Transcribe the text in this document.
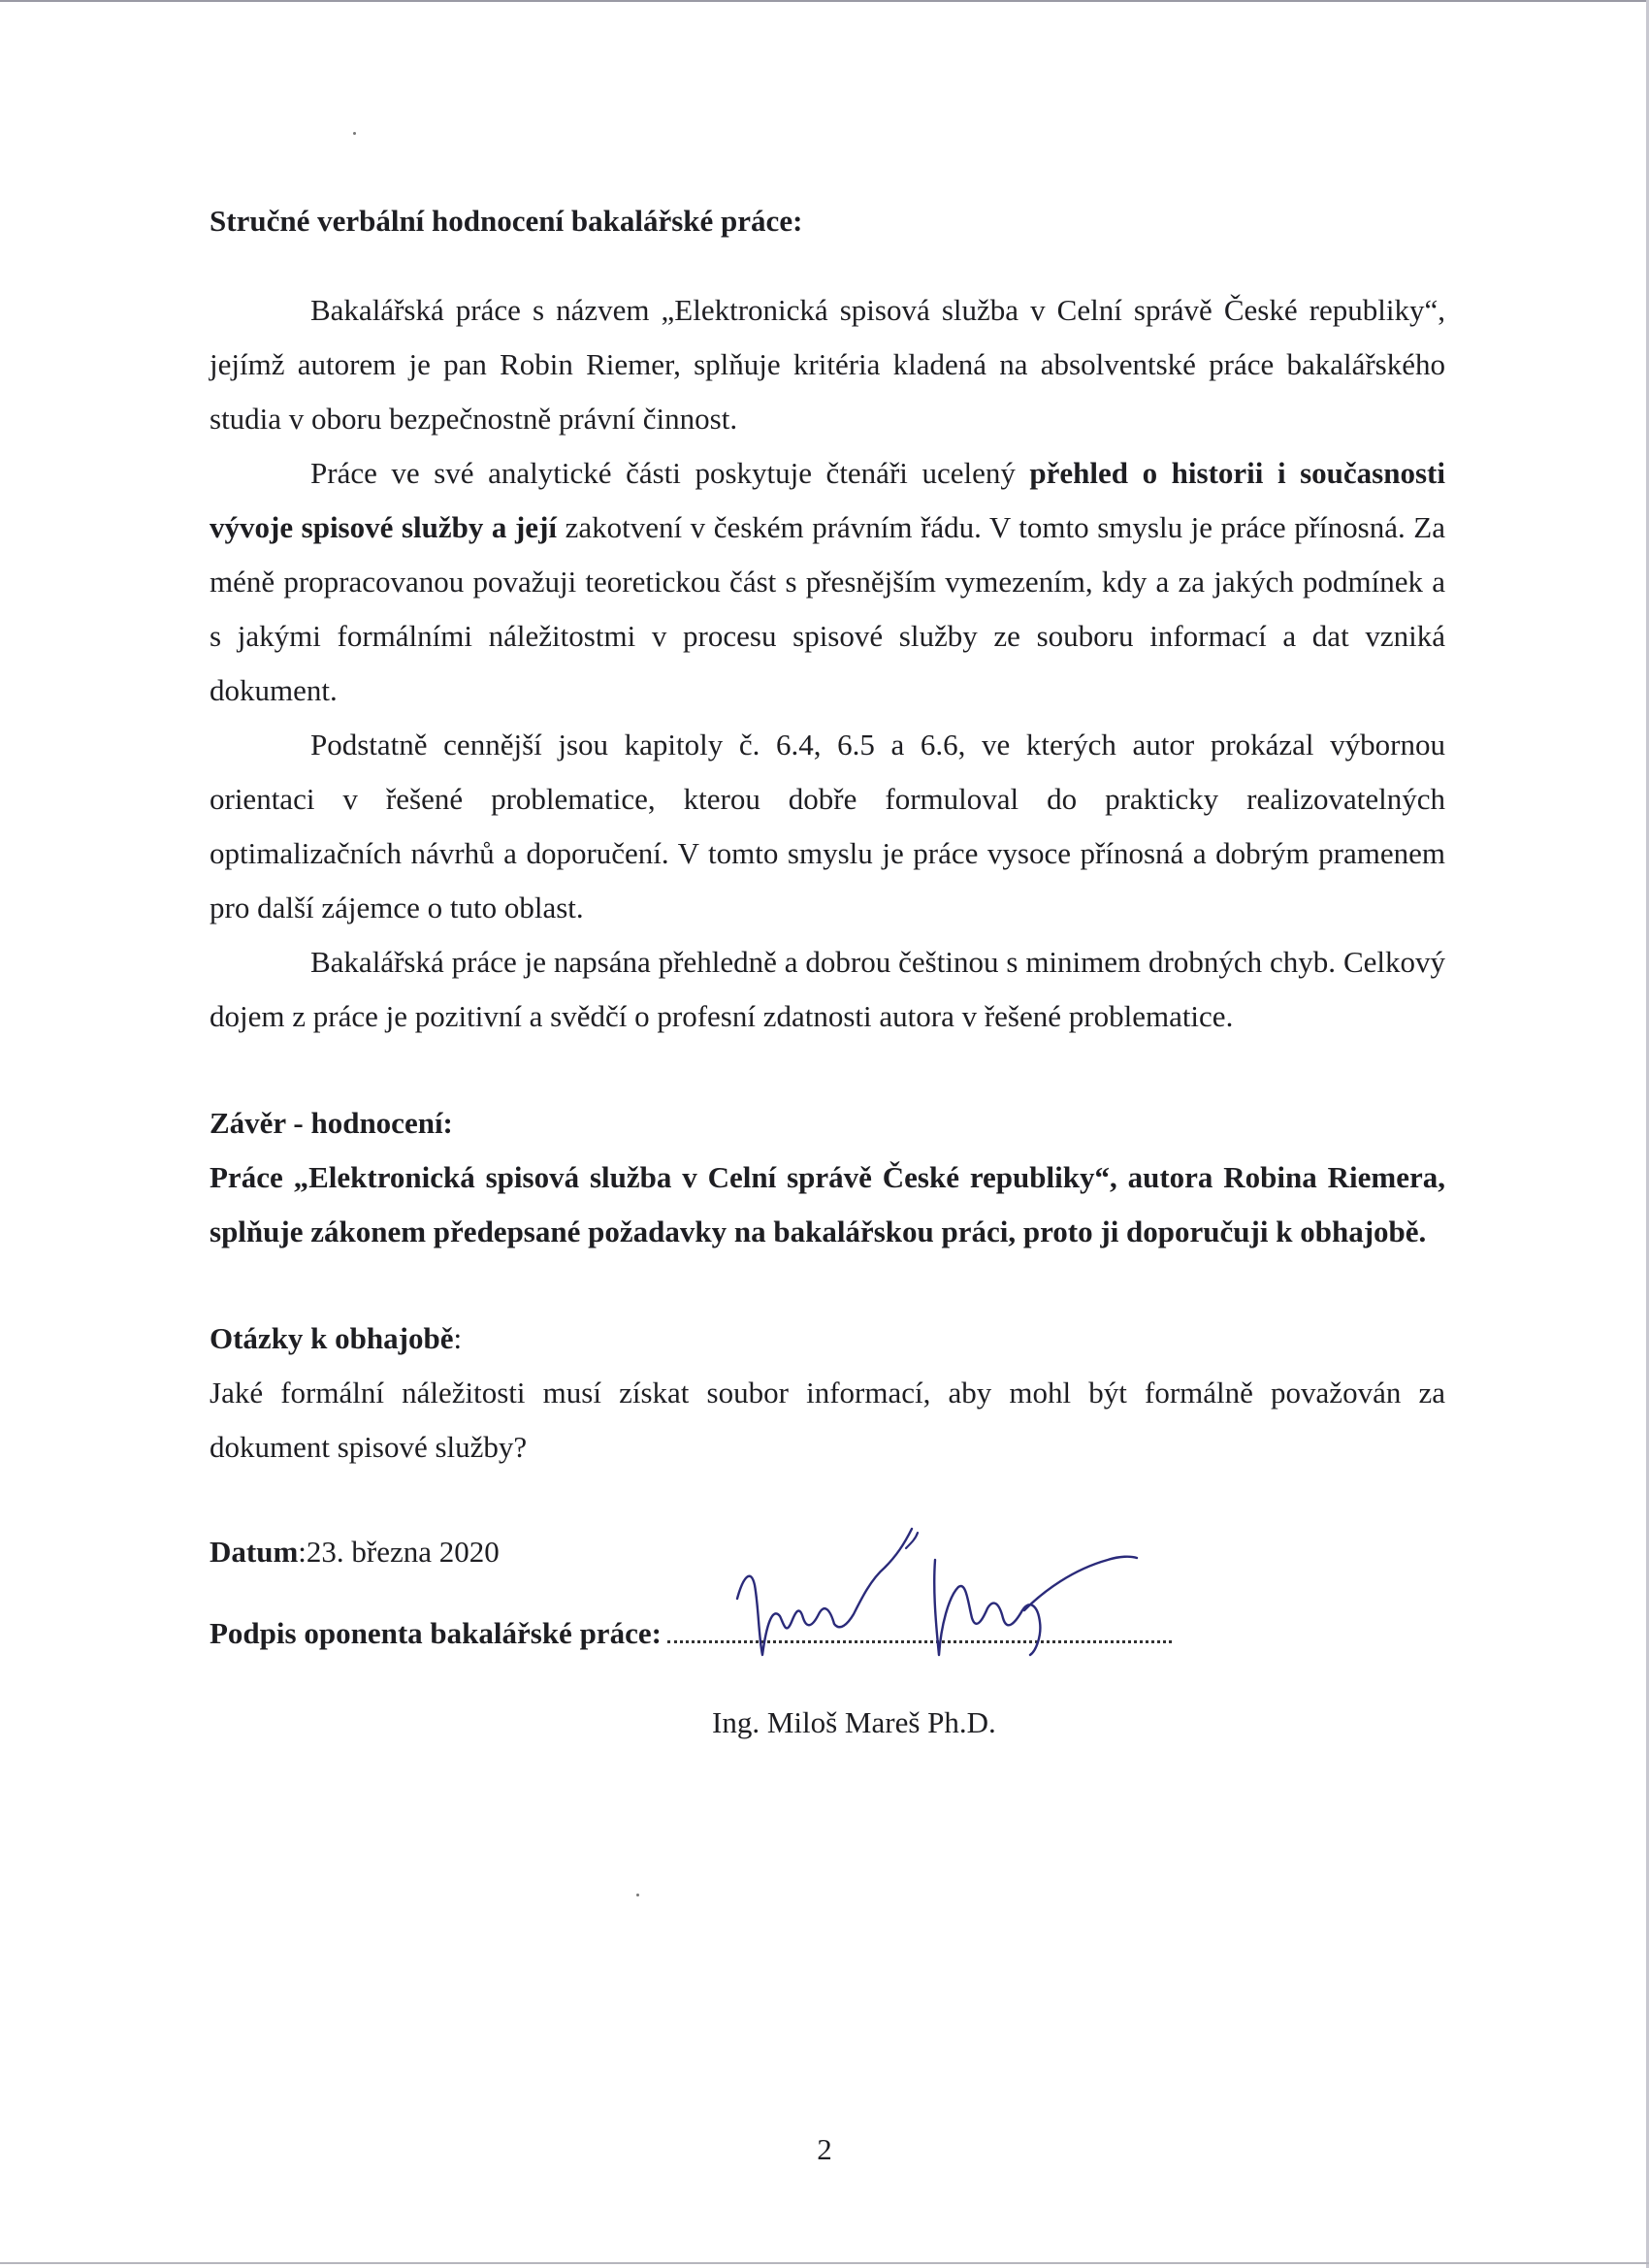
Stručné verbální hodnocení bakalářské práce:

Bakalářská práce s názvem „Elektronická spisová služba v Celní správě České republiky“, jejímž autorem je pan Robin Riemer, splňuje kritéria kladená na absolventské práce bakalářského studia v oboru bezpečnostně právní činnost.

Práce ve své analytické části poskytuje čtenáři ucelený přehled o historii i současnosti vývoje spisové služby a její zakotvení v českém právním řádu. V tomto smyslu je práce přínosná. Za méně propracovanou považuji teoretickou část s přesnějším vymezením, kdy a za jakých podmínek a s jakými formálními náležitostmi v procesu spisové služby ze souboru informací a dat vzniká dokument.

Podstatně cennější jsou kapitoly č. 6.4, 6.5 a 6.6, ve kterých autor prokázal výbornou orientaci v řešené problematice, kterou dobře formuloval do prakticky realizovatelných optimalizačních návrhů a doporučení. V tomto smyslu je práce vysoce přínosná a dobrým pramenem pro další zájemce o tuto oblast.

Bakalářská práce je napsána přehledně a dobrou češtinou s minimem drobných chyb. Celkový dojem z práce je pozitivní a svědčí o profesní zdatnosti autora v řešené problematice.

Závěr - hodnocení:

Práce „Elektronická spisová služba v Celní správě České republiky“, autora Robina Riemera, splňuje zákonem předepsané požadavky na bakalářskou práci, proto ji doporučuji k obhajobě.

Otázky k obhajobě:

Jaké formální náležitosti musí získat soubor informací, aby mohl být formálně považován za dokument spisové služby?

Datum:23. března 2020
Podpis oponenta bakalářské práce:
Ing. Miloš Mareš Ph.D.
2
